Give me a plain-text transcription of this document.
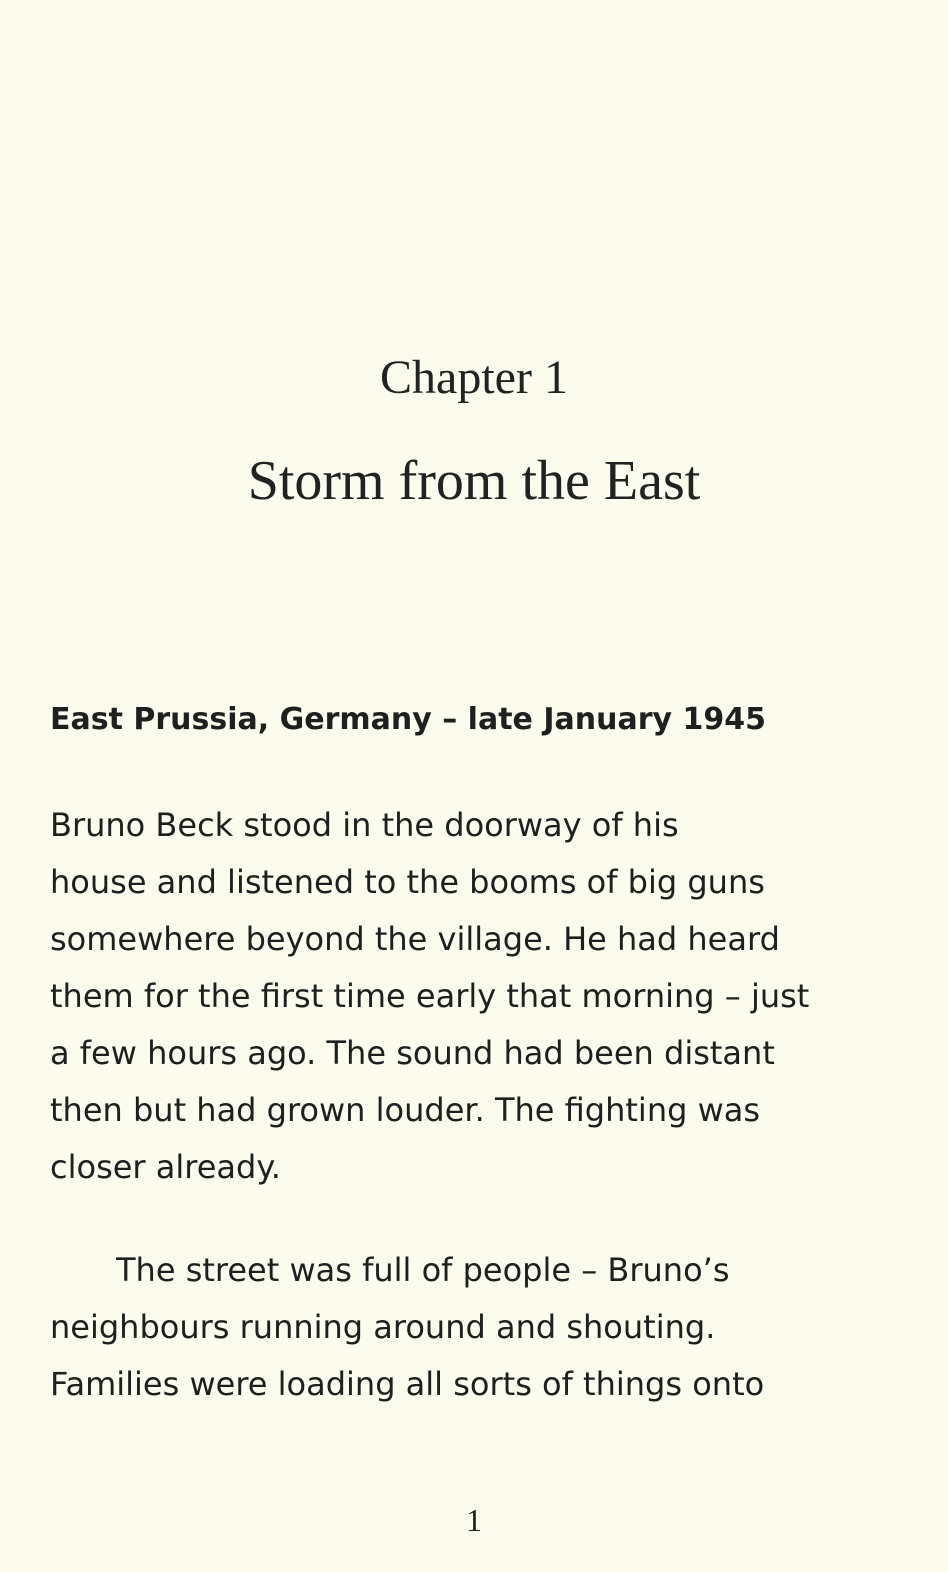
Chapter 1
Storm from the East
East Prussia, Germany – late January 1945
Bruno Beck stood in the doorway of his
house and listened to the booms of big guns
somewhere beyond the village. He had heard
them for the first time early that morning – just
a few hours ago. The sound had been distant
then but had grown louder. The fighting was
closer already.
The street was full of people – Bruno’s
neighbours running around and shouting.
Families were loading all sorts of things onto
1
